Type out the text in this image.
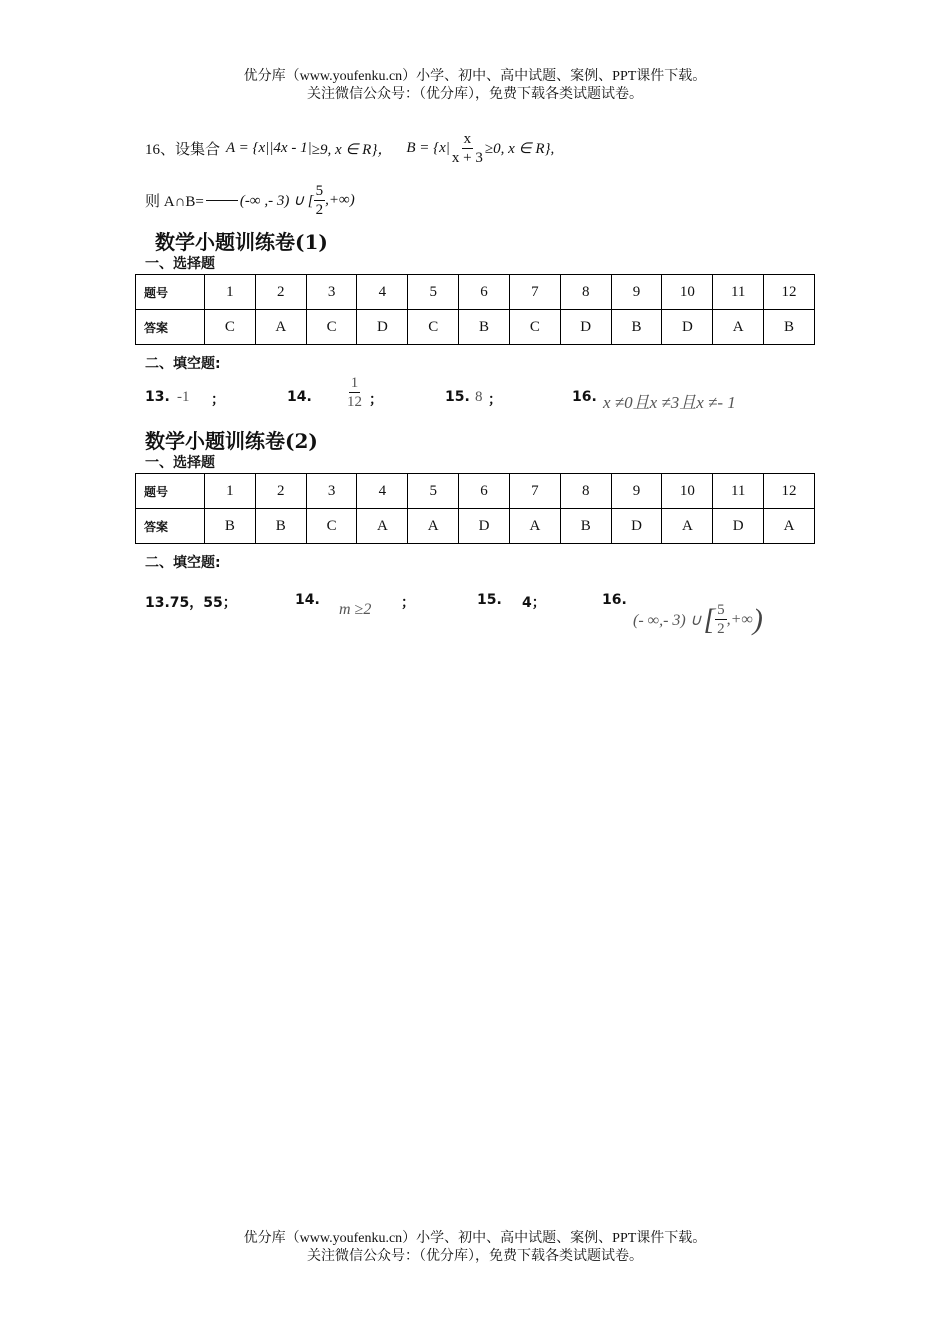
优分库（www.youfenku.cn）小学、初中、高中试题、案例、PPT课件下载。
关注微信公众号：（优分库），免费下载各类试题试卷。
16、设集合 A = {x| |4x - 1| ≥9, x ∈ R}， $B = \{x| \frac{x}{x + 3} \ge 0$, x ∈ R},
则 A∩B= (-∞ ,- 3) ∪ [ $\frac{5}{2}$ ,+∞)
数学小题训练卷(1)
一、选择题
题号	1	2	3	4	5	6	7	8	9	10	11	12
答案	C	A	C	D	C	B	C	D	B	D	A	B
二、填空题:
13. -1 ；	14. $\frac{1}{12}$ ；	15. 8 ；	16. x ≠0且x ≠3且x ≠- 1
数学小题训练卷(2)
一、选择题
题号	1	2	3	4	5	6	7	8	9	10	11	12
答案	B	B	C	A	A	D	A	B	D	A	D	A
二、填空题:
13.75，55；	14.
m ≥2 ；	15. 4；	16.
(- ∞,- 3) ∪ [ $\frac{5}{2}$ ,+∞ )
优分库（www.youfenku.cn）小学、初中、高中试题、案例、PPT课件下载。
关注微信公众号：（优分库），免费下载各类试题试卷。
